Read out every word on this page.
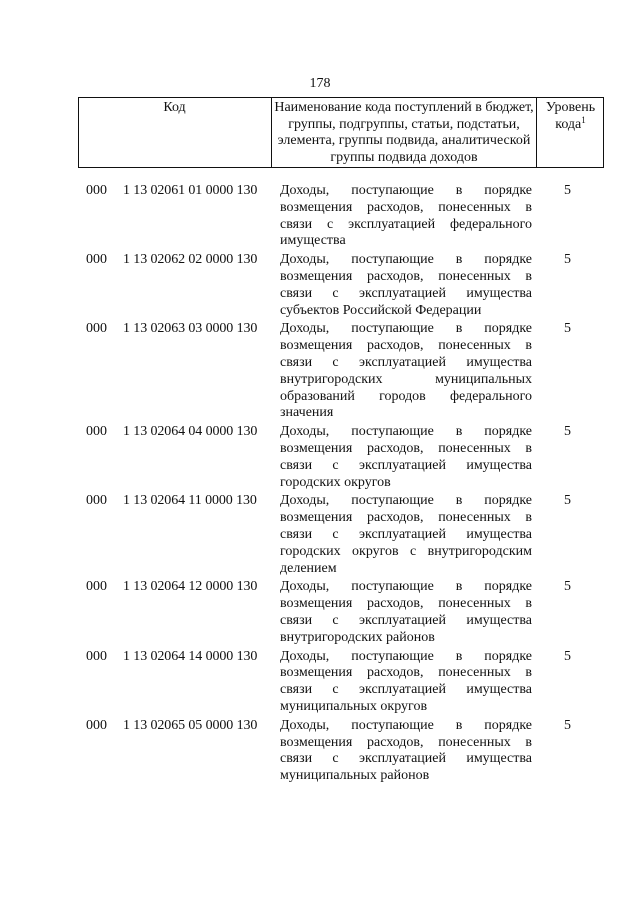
178
Код	Наименование кода поступлений в бюджет, группы, подгруппы, статьи, подстатьи, элемента, группы подвида, аналитической группы подвида доходов
Уровень кода$^1$
000 1 13 02061 01 0000 130 Доходы, поступающие в порядке возмещения расходов, понесенных в связи с эксплуатацией федерального имущества
5
000 1 13 02062 02 0000 130 Доходы, поступающие в порядке возмещения расходов, понесенных в связи с эксплуатацией имущества субъектов Российской Федерации
5
000 1 13 02063 03 0000 130 Доходы, поступающие в порядке возмещения расходов, понесенных в связи с эксплуатацией имущества внутригородских муниципальных образований городов федерального значения
5
000 1 13 02064 04 0000 130 Доходы, поступающие в порядке возмещения расходов, понесенных в связи с эксплуатацией имущества городских округов
5
000 1 13 02064 11 0000 130 Доходы, поступающие в порядке возмещения расходов, понесенных в связи с эксплуатацией имущества городских округов с внутригородским делением
5
000 1 13 02064 12 0000 130 Доходы, поступающие в порядке возмещения расходов, понесенных в связи с эксплуатацией имущества внутригородских районов
5
000 1 13 02064 14 0000 130 Доходы, поступающие в порядке возмещения расходов, понесенных в связи с эксплуатацией имущества муниципальных округов
5
000 1 13 02065 05 0000 130 Доходы, поступающие в порядке возмещения расходов, понесенных в связи с эксплуатацией имущества муниципальных районов
5
